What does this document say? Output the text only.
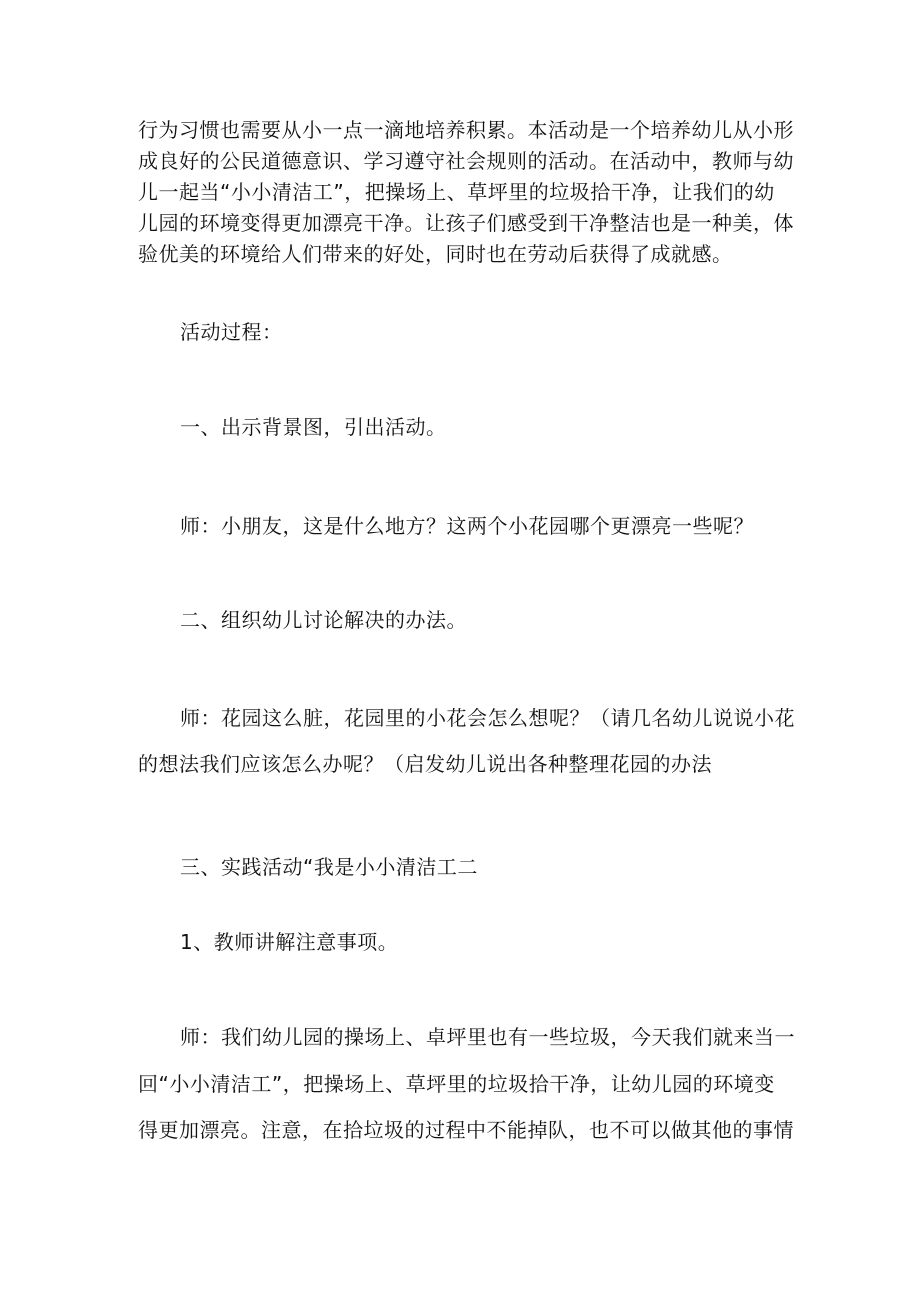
行为习惯也需要从小一点一滴地培养积累。本活动是一个培养幼儿从小形
成良好的公民道德意识、学习遵守社会规则的活动。在活动中，教师与幼
儿一起当“小小清洁工”，把操场上、草坪里的垃圾拾干净，让我们的幼
儿园的环境变得更加漂亮干净。让孩子们感受到干净整洁也是一种美，体
验优美的环境给人们带来的好处，同时也在劳动后获得了成就感。
活动过程：
一、出示背景图，引出活动。
师：小朋友，这是什么地方？这两个小花园哪个更漂亮一些呢？
二、组织幼儿讨论解决的办法。
师：花园这么脏，花园里的小花会怎么想呢？（请几名幼儿说说小花
的想法我们应该怎么办呢？（启发幼儿说出各种整理花园的办法
三、实践活动“我是小小清洁工二
1、教师讲解注意事项。
师：我们幼儿园的操场上、卓坪里也有一些垃圾，今天我们就来当一
回“小小清洁工”，把操场上、草坪里的垃圾拾干净，让幼儿园的环境变
得更加漂亮。注意，在拾垃圾的过程中不能掉队，也不可以做其他的事情
